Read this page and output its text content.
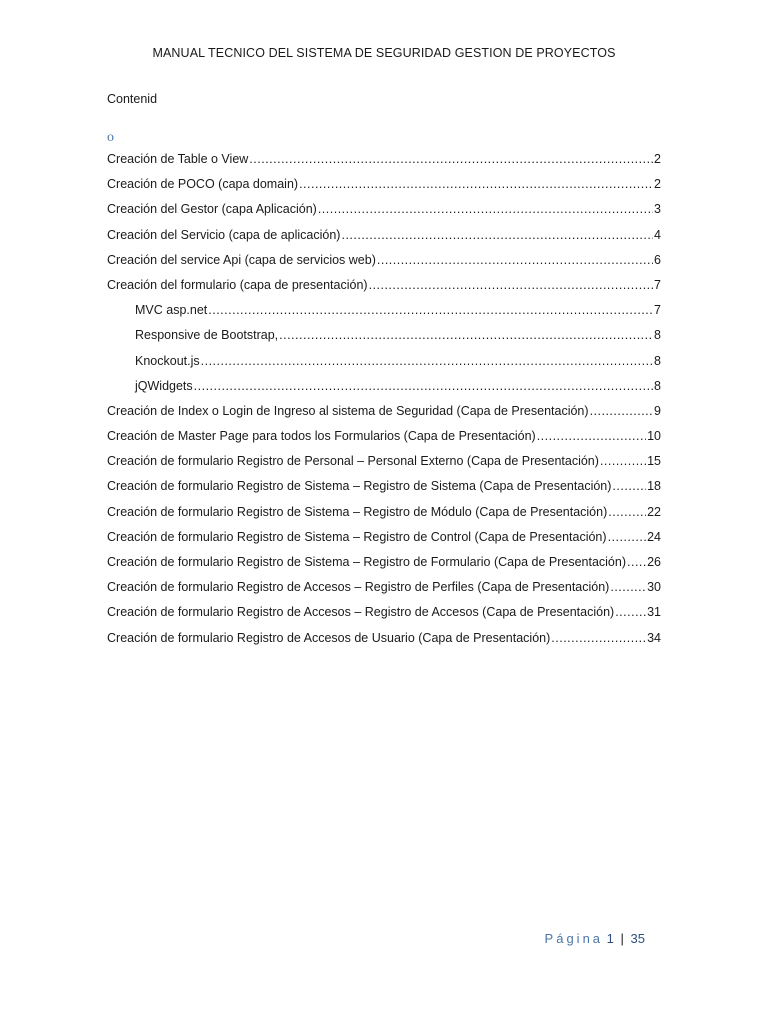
MANUAL TECNICO DEL SISTEMA DE SEGURIDAD GESTION DE PROYECTOS
Contenid
o
Creación de Table o View .....	2
Creación de POCO (capa domain) .....	2
Creación del Gestor (capa Aplicación) .....	3
Creación del Servicio (capa de aplicación) .....	4
Creación del service Api (capa de servicios web) .....	6
Creación del formulario (capa de presentación) .....	7
MVC asp.net .....	7
Responsive de Bootstrap, .....	8
Knockout.js .....	8
jQWidgets .....	8
Creación de Index o Login de Ingreso al sistema de Seguridad (Capa de Presentación) .....	9
Creación de Master Page para todos los Formularios (Capa de Presentación) .....	10
Creación de formulario Registro de Personal – Personal Externo (Capa de Presentación) .....	15
Creación de formulario Registro de Sistema – Registro de Sistema (Capa de Presentación) .....	18
Creación de formulario Registro de Sistema – Registro de Módulo (Capa de Presentación) .....	22
Creación de formulario Registro de Sistema – Registro de Control (Capa de Presentación) .....	24
Creación de formulario Registro de Sistema – Registro de Formulario (Capa de Presentación) ..... 26
Creación de formulario Registro de Accesos – Registro de Perfiles (Capa de Presentación) .....	30
Creación de formulario Registro de Accesos – Registro de Accesos (Capa de Presentación) .....	31
Creación de formulario Registro de Accesos de Usuario (Capa de Presentación) .....	34
Página 1 | 35
